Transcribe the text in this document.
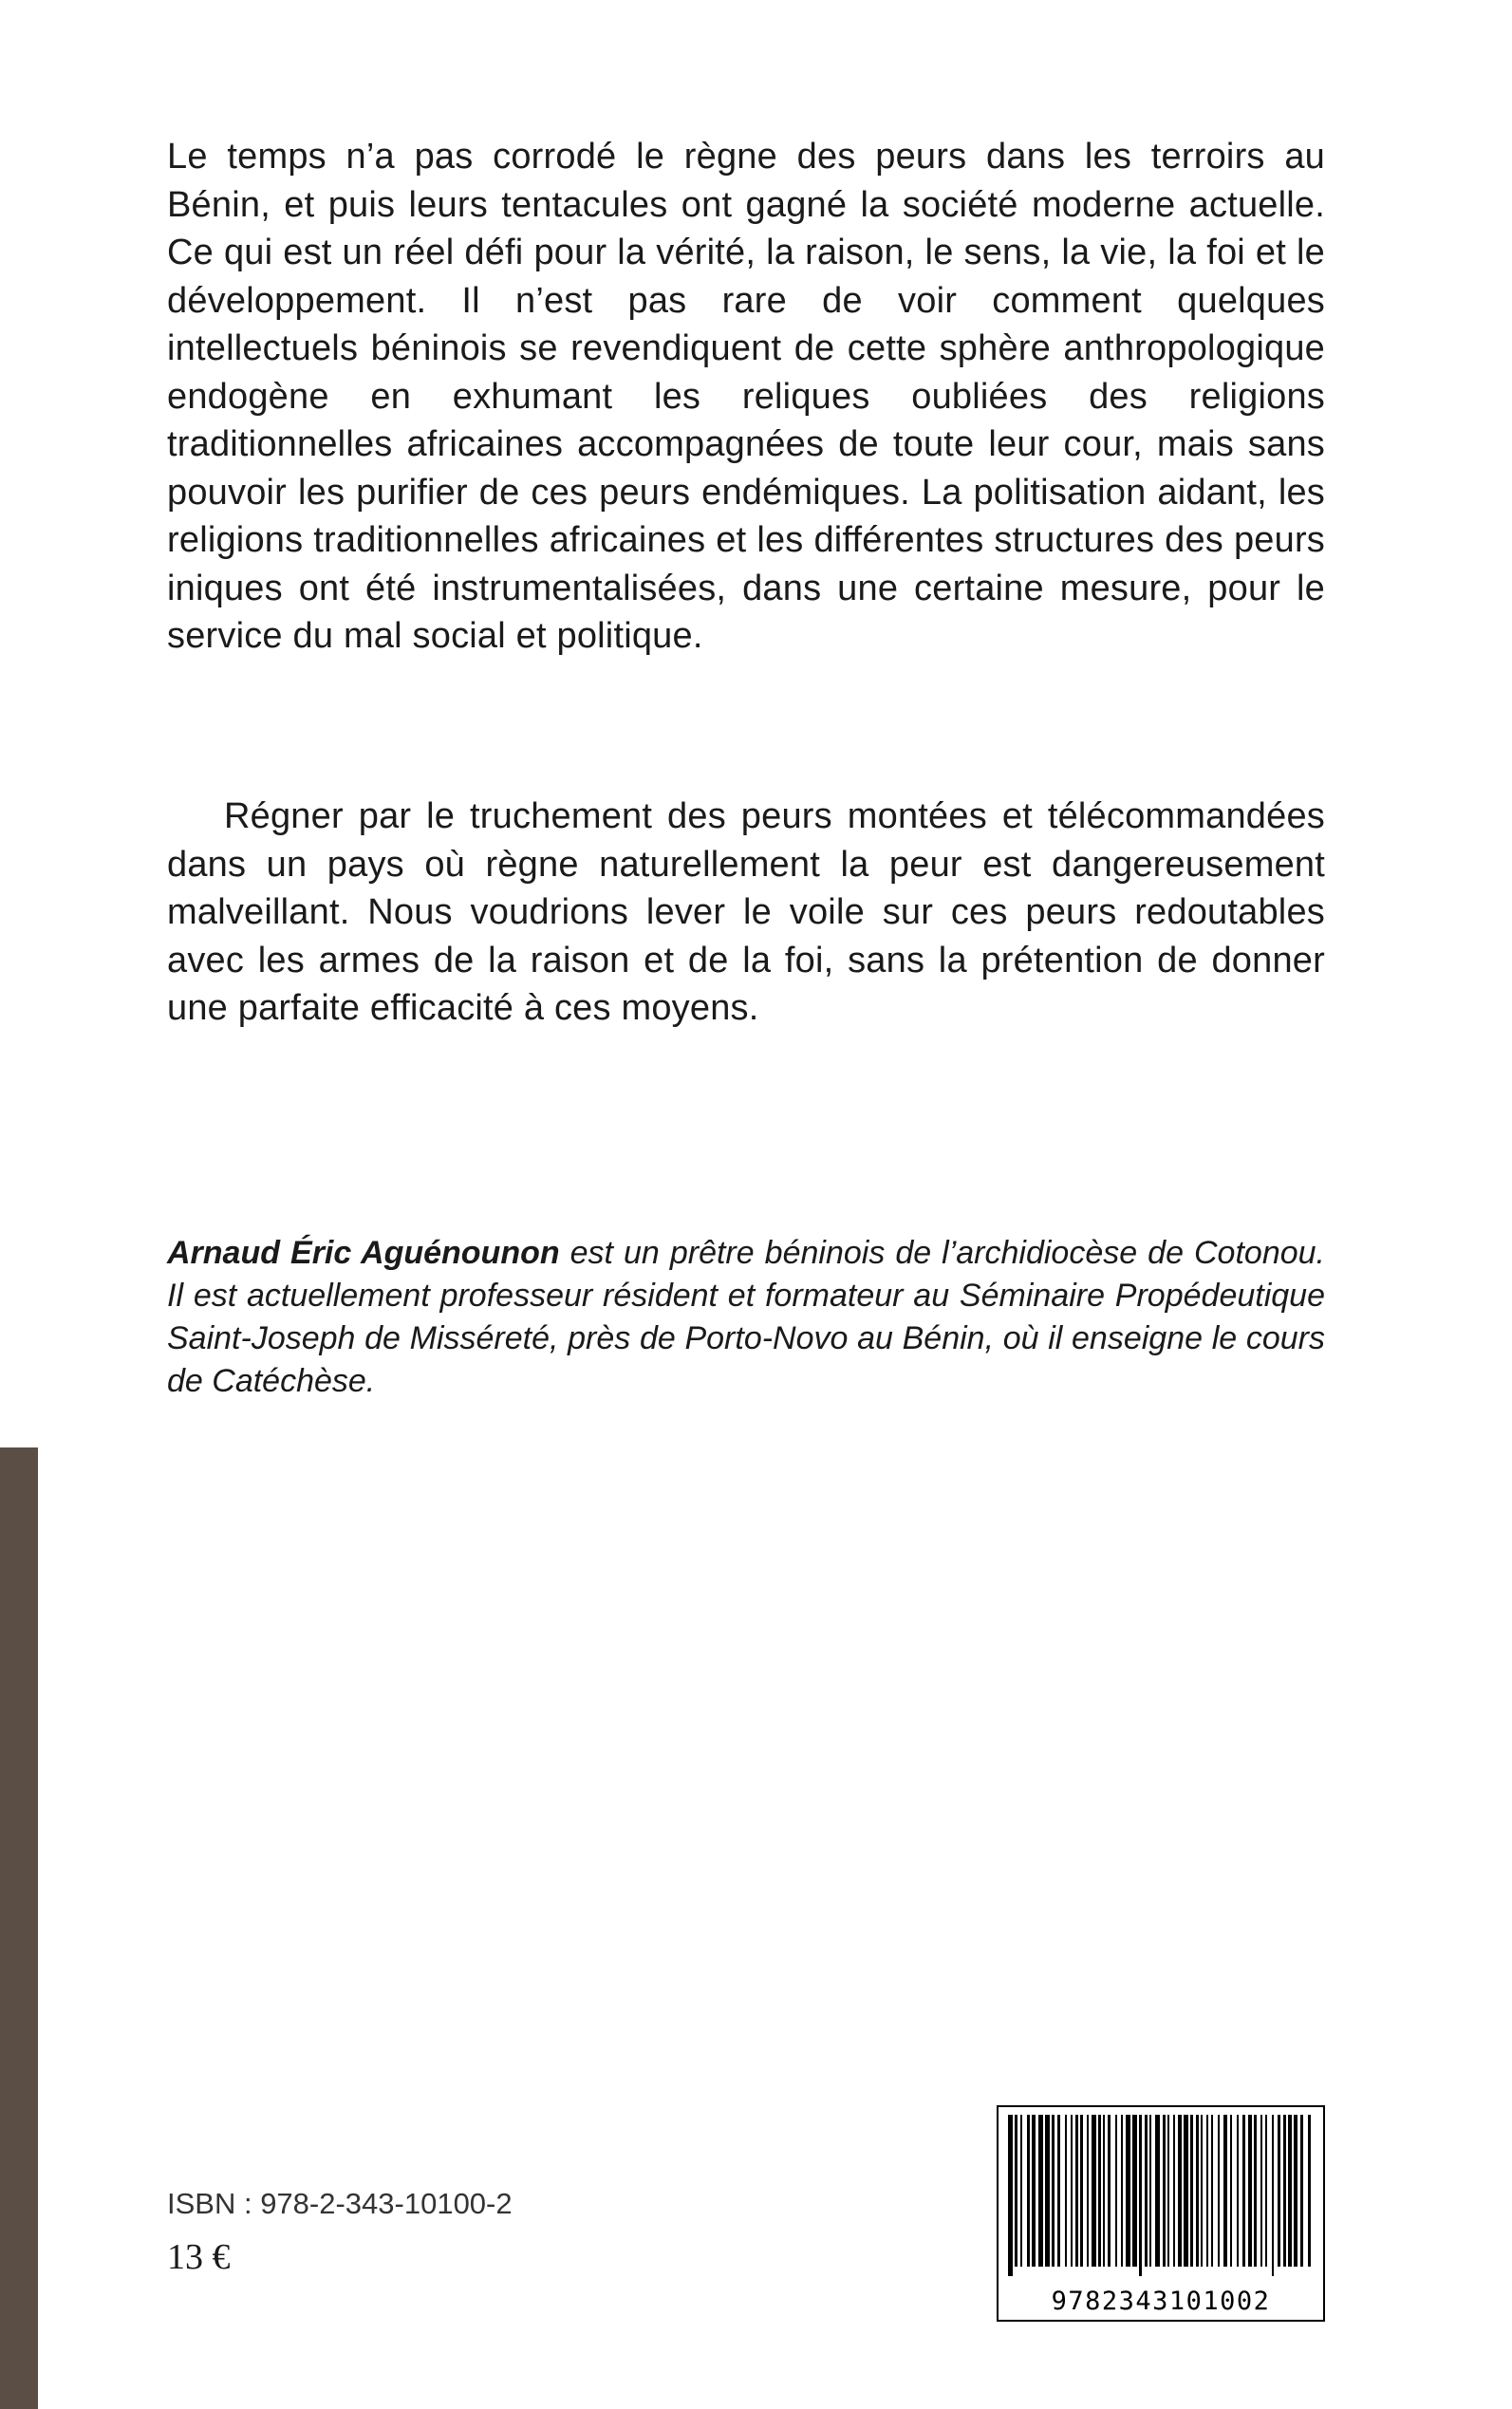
Le temps n’a pas corrodé le règne des peurs dans les terroirs au Bénin, et puis leurs tentacules ont gagné la société moderne actuelle. Ce qui est un réel défi pour la vérité, la raison, le sens, la vie, la foi et le développement. Il n’est pas rare de voir comment quelques intellectuels béninois se revendiquent de cette sphère anthropologique endogène en exhumant les reliques oubliées des religions traditionnelles africaines accompagnées de toute leur cour, mais sans pouvoir les purifier de ces peurs endémiques. La politisation aidant, les religions traditionnelles africaines et les différentes structures des peurs iniques ont été instrumentalisées, dans une certaine mesure, pour le service du mal social et politique.

Régner par le truchement des peurs montées et télécommandées dans un pays où règne naturellement la peur est dangereusement malveillant. Nous voudrions lever le voile sur ces peurs redoutables avec les armes de la raison et de la foi, sans la prétention de donner une parfaite efficacité à ces moyens.

Arnaud Éric Aguénounon est un prêtre béninois de l’archidiocèse de Cotonou. Il est actuellement professeur résident et formateur au Séminaire Propédeutique Saint-Joseph de Misséreté, près de Porto-Novo au Bénin, où il enseigne le cours de Catéchèse.

ISBN : 978-2-343-10100-2
13 €
9782343101002
